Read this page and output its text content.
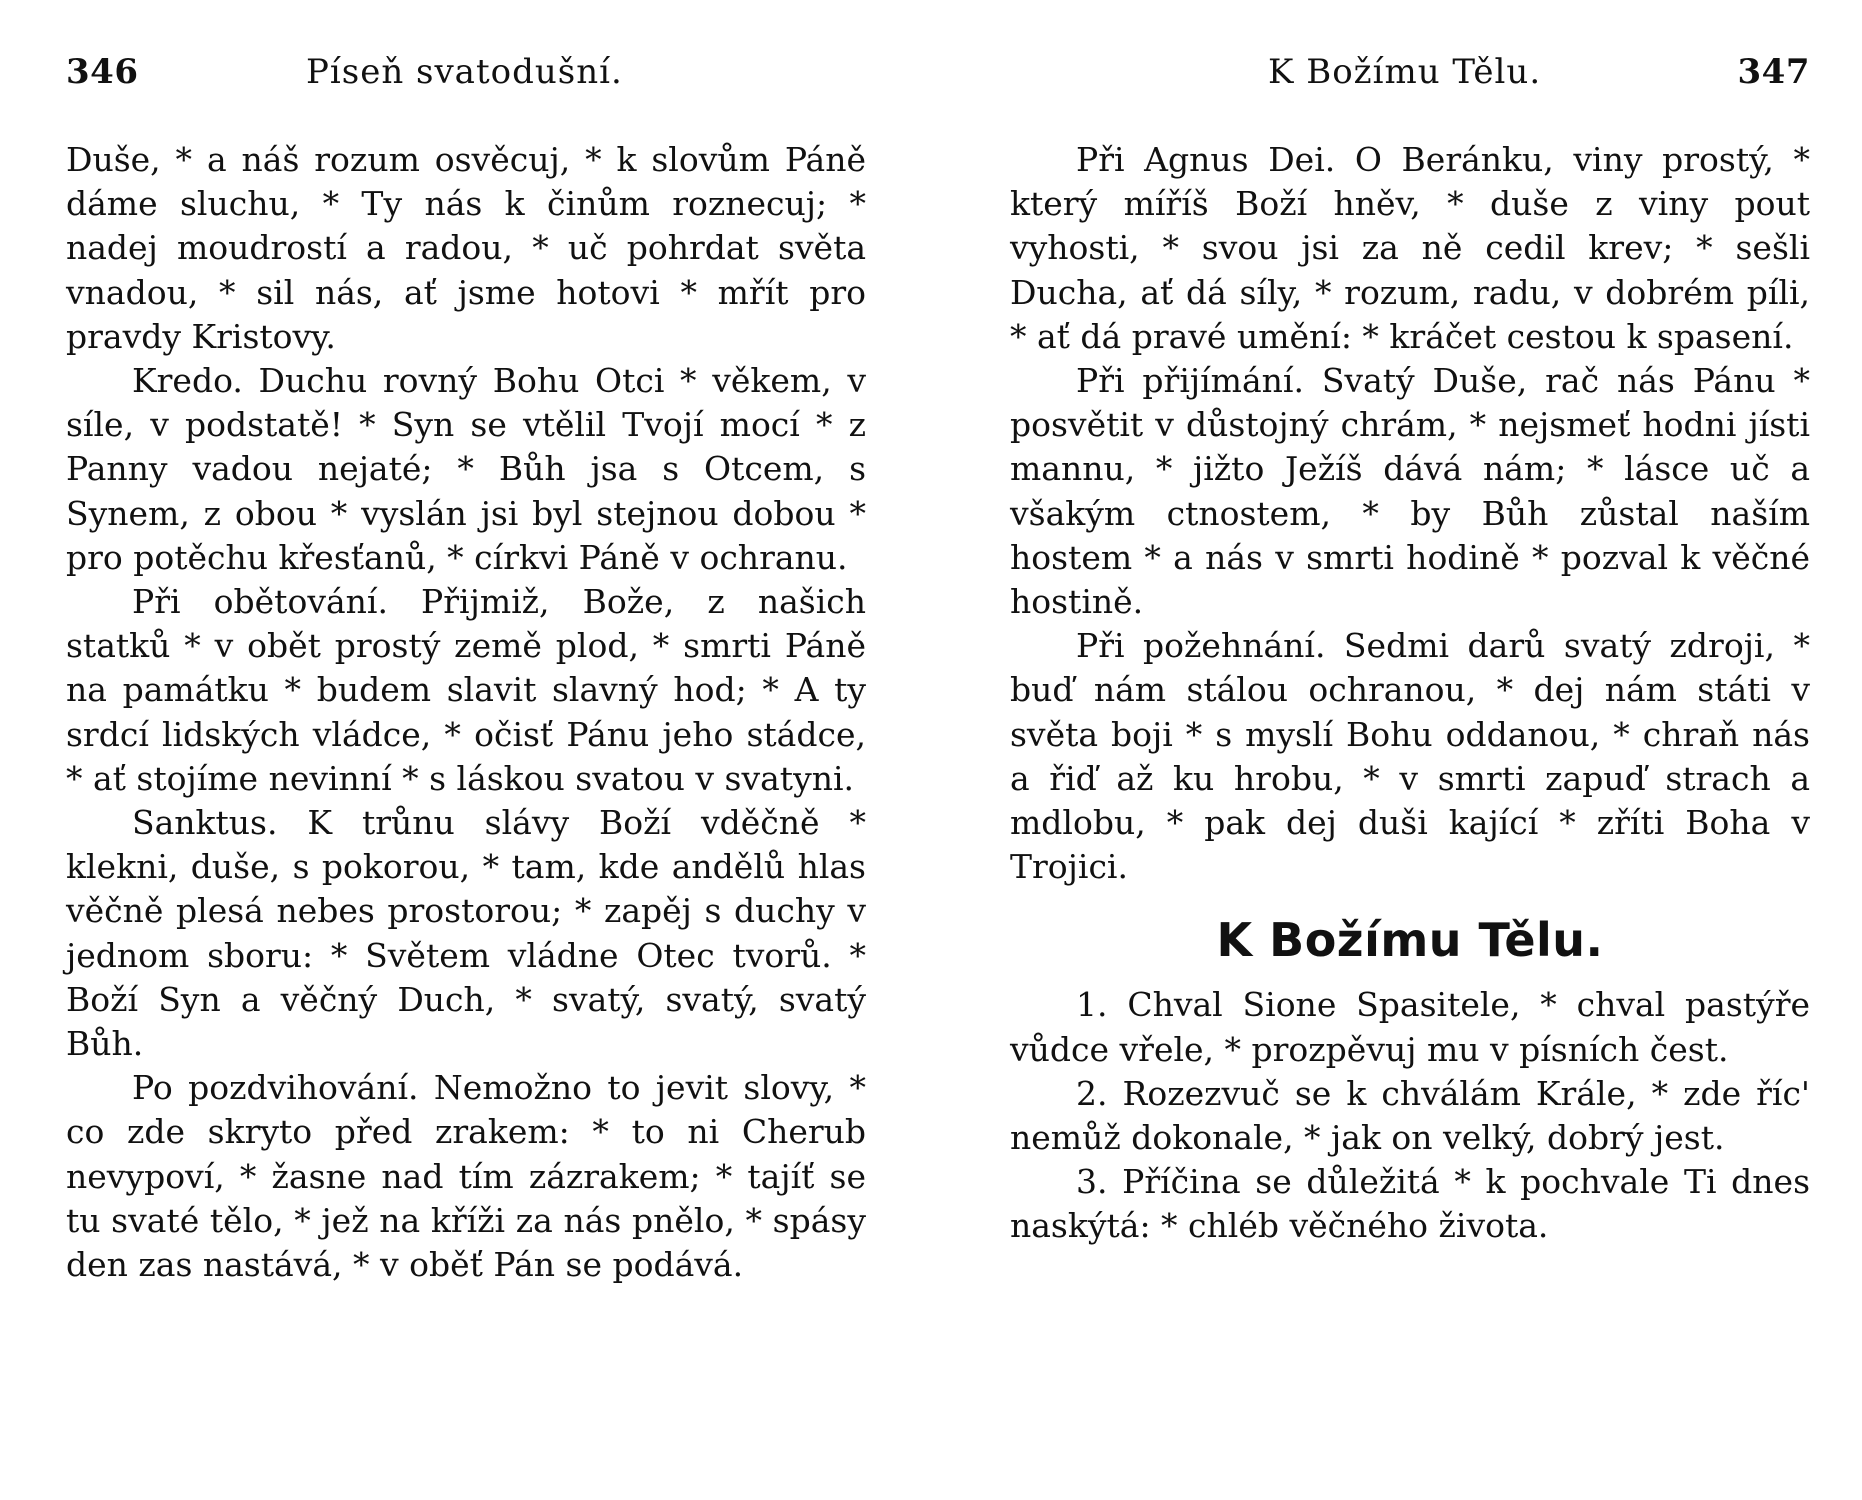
346	Píseň svatodušní.

Duše, * a náš rozum osvěcuj, * k slovům Páně dáme sluchu, * Ty nás k činům roznecuj; * nadej moudrostí a radou, * uč pohrdat světa vnadou, * sil nás, ať jsme hotovi * mřít pro pravdy Kristovy.

Kredo. Duchu rovný Bohu Otci * věkem, v síle, v podstatě! * Syn se vtělil Tvojí mocí * z Panny vadou nejaté; * Bůh jsa s Otcem, s Synem, z obou * vyslán jsi byl stejnou dobou * pro potěchu křesťanů, * církvi Páně v ochranu.

Při obětování. Přijmiž, Bože, z našich statků * v obět prostý země plod, * smrti Páně na památku * budem slavit slavný hod; * A ty srdcí lidských vládce, * očisť Pánu jeho stádce, * ať stojíme nevinní * s láskou svatou v svatyni.

Sanktus. K trůnu slávy Boží vděčně * klekni, duše, s pokorou, * tam, kde andělů hlas věčně plesá nebes prostorou; * zapěj s duchy v jednom sboru: * Světem vládne Otec tvorů. * Boží Syn a věčný Duch, * svatý, svatý, svatý Bůh.

Po pozdvihování. Nemožno to jevit slovy, * co zde skryto před zrakem: * to ni Cherub nevypoví, * žasne nad tím zázrakem; * tajíť se tu svaté tělo, * jež na kříži za nás pnělo, * spásy den zas nastává, * v oběť Pán se podává.

K Božímu Tělu.	347

Při Agnus Dei. O Beránku, viny prostý, * který míříš Boží hněv, * duše z viny pout vyhosti, * svou jsi za ně cedil krev; * sešli Ducha, ať dá síly, * rozum, radu, v dobrém píli, * ať dá pravé umění: * kráčet cestou k spasení.

Při přijímání. Svatý Duše, rač nás Pánu * posvětit v důstojný chrám, * nejsmeť hodni jísti mannu, * jižto Ježíš dává nám; * lásce uč a všakým ctnostem, * by Bůh zůstal naším hostem * a nás v smrti hodině * pozval k věčné hostině.

Při požehnání. Sedmi darů svatý zdroji, * buď nám stálou ochranou, * dej nám státi v světa boji * s myslí Bohu oddanou, * chraň nás a řiď až ku hrobu, * v smrti zapuď strach a mdlobu, * pak dej duši kající * zříti Boha v Trojici.

K Božímu Tělu.

1. Chval Sione Spasitele, * chval pastýře vůdce vřele, * prozpěvuj mu v písních čest.

2. Rozezvuč se k chválám Krále, * zde říc' nemůž dokonale, * jak on velký, dobrý jest.

3. Příčina se důležitá * k pochvale Ti dnes naskýtá: * chléb věčného života.
